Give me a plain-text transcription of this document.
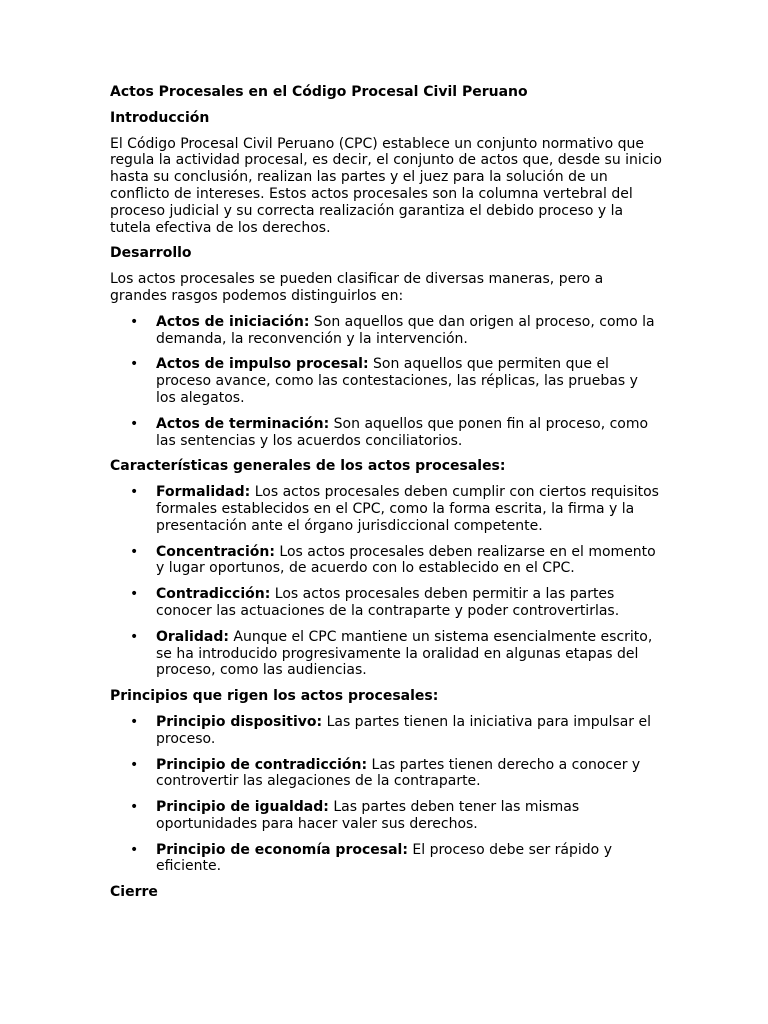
Actos Procesales en el Código Procesal Civil Peruano
Introducción
El Código Procesal Civil Peruano (CPC) establece un conjunto normativo que regula la actividad procesal, es decir, el conjunto de actos que, desde su inicio hasta su conclusión, realizan las partes y el juez para la solución de un conflicto de intereses. Estos actos procesales son la columna vertebral del proceso judicial y su correcta realización garantiza el debido proceso y la tutela efectiva de los derechos.
Desarrollo
Los actos procesales se pueden clasificar de diversas maneras, pero a grandes rasgos podemos distinguirlos en:
• Actos de iniciación: Son aquellos que dan origen al proceso, como la demanda, la reconvención y la intervención.
• Actos de impulso procesal: Son aquellos que permiten que el proceso avance, como las contestaciones, las réplicas, las pruebas y los alegatos.
• Actos de terminación: Son aquellos que ponen fin al proceso, como las sentencias y los acuerdos conciliatorios.
Características generales de los actos procesales:
• Formalidad: Los actos procesales deben cumplir con ciertos requisitos formales establecidos en el CPC, como la forma escrita, la firma y la presentación ante el órgano jurisdiccional competente.
• Concentración: Los actos procesales deben realizarse en el momento y lugar oportunos, de acuerdo con lo establecido en el CPC.
• Contradicción: Los actos procesales deben permitir a las partes conocer las actuaciones de la contraparte y poder controvertirlas.
• Oralidad: Aunque el CPC mantiene un sistema esencialmente escrito, se ha introducido progresivamente la oralidad en algunas etapas del proceso, como las audiencias.
Principios que rigen los actos procesales:
• Principio dispositivo: Las partes tienen la iniciativa para impulsar el proceso.
• Principio de contradicción: Las partes tienen derecho a conocer y controvertir las alegaciones de la contraparte.
• Principio de igualdad: Las partes deben tener las mismas oportunidades para hacer valer sus derechos.
• Principio de economía procesal: El proceso debe ser rápido y eficiente.
Cierre
